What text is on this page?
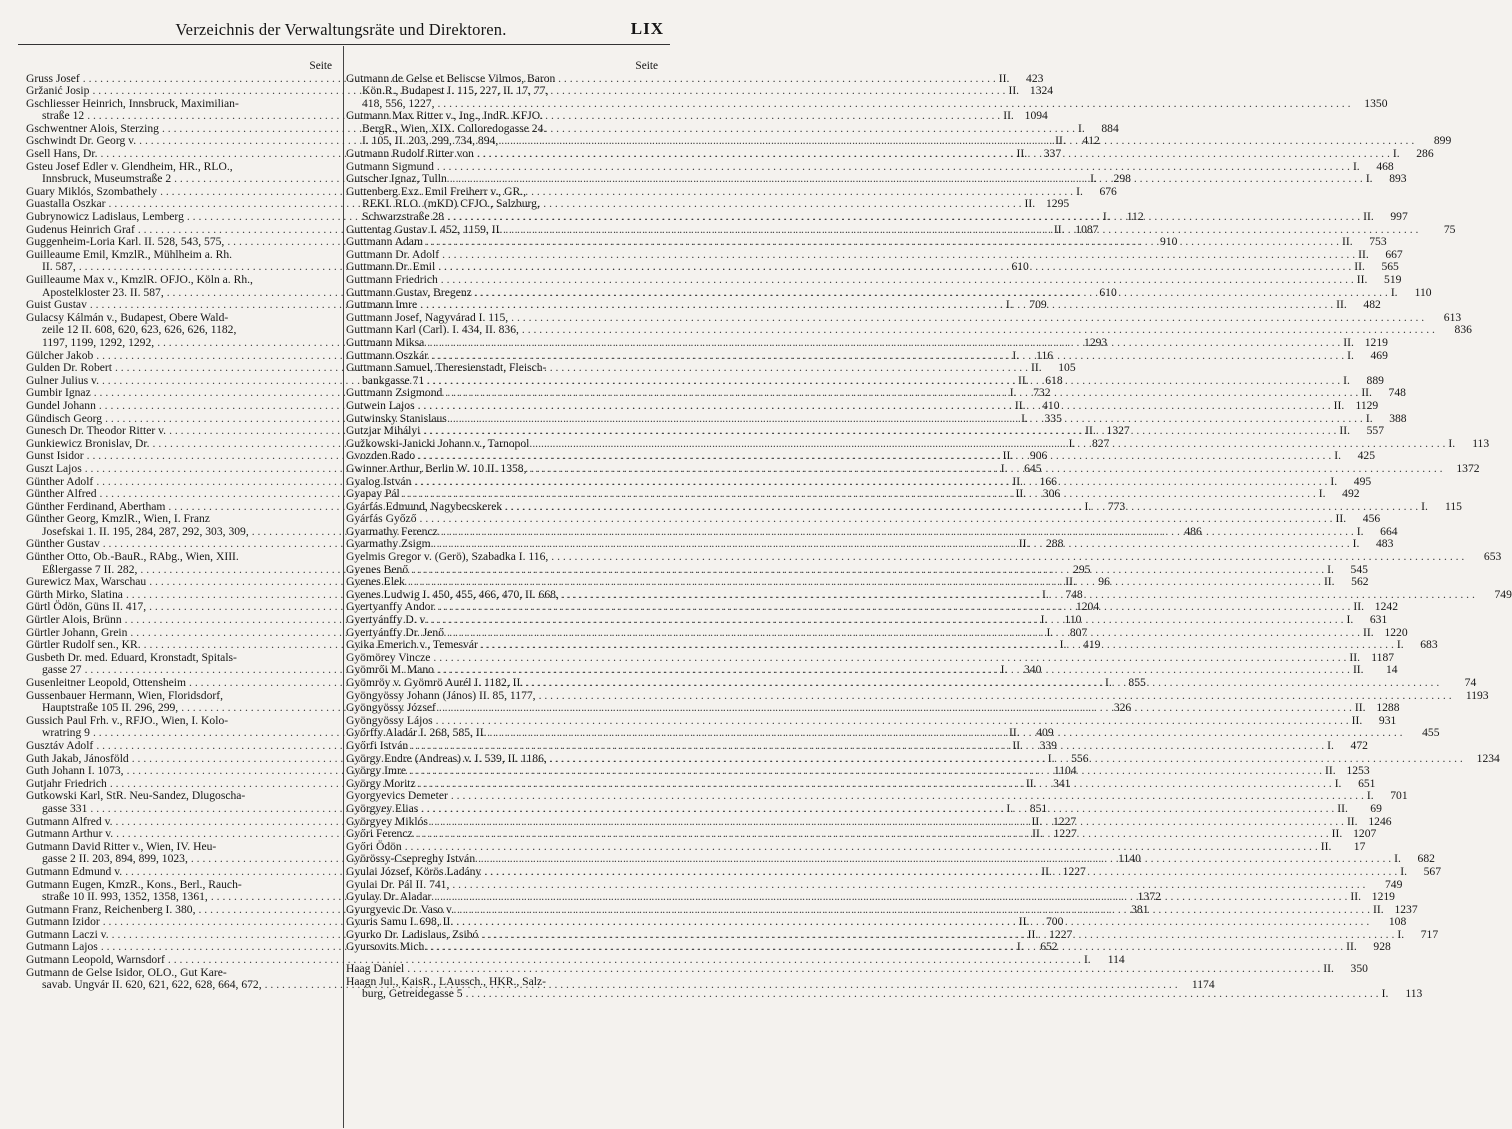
Verzeichnis der Verwaltungsräte und Direktoren.	LIX
Seite
Gruss Josef . . .	II.	423
Gržanić Josip . . .	II. 1324
Gschliesser Heinrich, Innsbruck, Maximilian-
straße 12 . . .	II. 1094
Gschwentner Alois, Sterzing . . .	I.	884
Gschwindt Dr. Georg v. . . .	II.	412
Gsell Hans, Dr. . . .	II.	337
Gsteu Josef Edler v. Glendheim, HR., RLO.,
Innsbruck, Museumstraße 2 . . .	I.	298
Guary Miklós, Szombathely . . .	I.	676
Guastalla Oszkar . . .	II. 1295
Gubrynowicz Ladislaus, Lemberg . . .	I.	112
Gudenus Heinrich Graf . . .	II. 1087
Guggenheim-Loria Karl. II. 528, 543, 575, . . .	910
Guilleaume Emil, KmzlR., Mühlheim a. Rh.
II. 587, . . .	610
Guilleaume Max v., KmzlR. OFJO., Köln a. Rh.,
Apostelkloster 23. II. 587, . . .	610
Guist Gustav . . .	I.	709
Gulacsy Kálmán v., Budapest, Obere Wald-
zeile 12 II. 608, 620, 623, 626, 626, 1182,
1197, 1199, 1292, 1292, . . .	1293
Gülcher Jakob . . .	I.	116
Gulden Dr. Robert . . .	II.	105
Gulner Julius v. . . .	II.	618
Gumbir Ignaz . . .	I.	732
Gundel Johann . . .	II.	410
Gündisch Georg . . .	I.	335
Gunesch Dr. Theodor Ritter v. . . .	II. 1327
Gunkiewicz Bronislav, Dr. . . .	I.	827
Gunst Isidor . . .	II.	906
Guszt Lajos . . .	I.	645
Günther Adolf . . .	II.	166
Günther Alfred . . .	II.	306
Günther Ferdinand, Abertham . . .	I.	773
Günther Georg, KmzlR., Wien, I. Franz
Josefskai 1. II. 195, 284, 287, 292, 303, 309, . . .	486
Günther Gustav . . .	II.	288
Günther Otto, Ob.-BauR., RAbg., Wien, XIII.
Eßlergasse 7 II. 282, . . .	295
Gurewicz Max, Warschau . . .	II.	96
Gürth Mirko, Slatina . . .	I.	748
Gürtl Ödön, Güns II. 417, . . .	1204
Gürtler Alois, Brünn . . .	I.	110
Gürtler Johann, Grein . . .	I.	807
Gürtler Rudolf sen., KR. . . .	I.	419
Gusbeth Dr. med. Eduard, Kronstadt, Spitals-
gasse 27 . . .	I.	340
Gusenleitner Leopold, Ottensheim . . .	I.	855
Gussenbauer Hermann, Wien, Floridsdorf,
Hauptstraße 105 II. 296, 299, . . .	326
Gussich Paul Frh. v., RFJO., Wien, I. Kolo-
wratring 9 . . .	II.	409
Gusztáv Adolf . . .	II.	339
Guth Jakab, Jánosföld . . .	I.	556
Guth Johann I. 1073, . . .	1104
Gutjahr Friedrich . . .	II.	341
Gutkowski Karl, StR. Neu-Sandez, Dlugoscha-
gasse 331 . . .	I.	851
Gutmann Alfred v. . . .	II. 1227
Gutmann Arthur v. . . .	II. 1227
Gutmann David Ritter v., Wien, IV. Heu-
gasse 2 II. 203, 894, 899, 1023, . . .	1140
Gutmann Edmund v. . . .	II. 1227
Gutmann Eugen, KmzR., Kons., Berl., Rauch-
straße 10 II. 993, 1352, 1358, 1361, . . .	1372
Gutmann Franz, Reichenberg I. 380, . . .	381
Gutmann Izidor . . .	II.	700
Gutmann Laczi v. . . .	II. 1227
Gutmann Lajos . . .	I.	652
Gutmann Leopold, Warnsdorf . . .	I.	114
Gutmann de Gelse Isidor, OLO., Gut Kare-
savab. Ungvár II. 620, 621, 622, 628, 664, 672, . . .	1174
Seite
Gutmann de Gelse et Beliscse Vilmos, Baron
Kön.R., Budapest I. 115, 227, II. 17, 77,
418, 556, 1227, . . .	1350
Gutmann Max Ritter v., Ing., IndR. KFJO.
BergR., Wien, XIX. Colloredogasse 24.
I. 105, II. 203, 299, 734, 894, . . .	899
Gutmann Rudolf Ritter von . . .	I.	286
Gutmann Sigmund . . .	I.	468
Gutscher Ignaz, Tulln . . .	I.	893
Guttenberg Exz. Emil Freiherr v., GR.,
REKI. RLO. (mKD) CFJO., Salzburg,
Schwarzstraße 28 . . .	II.	997
Guttentag Gustav I. 452, 1159, II. . . .	75
Guttmann Adam . . .	II.	753
Guttmann Dr. Adolf . . .	II.	667
Guttmann Dr. Emil . . .	II.	565
Guttmann Friedrich . . .	II.	519
Guttmann Gustav, Bregenz . . .	I.	110
Guttmann Imre . . .	II.	482
Guttmann Josef, Nagyvárad I. 115, . . .	613
Guttmann Karl (Carl). I. 434, II. 836, . . .	836
Guttmann Miksa . . .	II. 1219
Guttmann Oszkár . . .	I.	469
Guttmann Samuel, Theresienstadt, Fleisch-
bankgasse 71 . . .	I.	889
Guttmann Zsigmond . . .	II.	748
Gutwein Lajos . . .	II. 1129
Gutwinsky Stanislaus . . .	I.	388
Gutzjar Mihályi . . .	II.	557
Gužkowski-Janicki Johann v., Tarnopol . . .	I.	113
Gvozden Rado . . .	I.	425
Gwinner Arthur, Berlin W. 10 II. 1358, . . .	1372
Gyalog István . . .	I.	495
Gyapay Pál . . .	I.	492
Gyárfás Edmund, Nagybecskerek . . .	I.	115
Gyárfás Győző . . .	II.	456
Gyarmathy Ferencz . . .	I.	664
Gyarmathy Zsigm. . . .	I.	483
Gyelmis Gregor v. (Gerö), Szabadka I. 116, . . .	653
Gyenes Benő . . .	I.	545
Gyenes Elek . . .	II.	562
Gyenes Ludwig I. 450, 455, 466, 470, II. 668, . . .	749
Gyertyanffy Andor . . .	II. 1242
Gyertyánffy D. v. . . .	I.	631
Gyertyánffy Dr. Jenő . . .	II. 1220
Gyika Emerich v., Temesvár . . .	I.	683
Gyömörey Vincze . . .	II. 1187
Gyömrői M. Mano . . .	II.	14
Gyömröy v. Gyömrö Aurél I. 1182, II. . . .	74
Gyöngyössy Johann (János) II. 85, 1177, . . .	1193
Gyöngyössy József . . .	II. 1288
Gyöngyössy Lájos . . .	II.	931
Győrffy Aladár I. 268, 585, II. . . .	455
Győrfi István . . .	I.	472
György Endre (Andreas) v. I. 539, II. 1186, . . .	1234
György Imre . . .	II. 1253
György Moritz . . .	I.	651
Gyorgyevics Demeter . . .	I.	701
Györgyey Elias . . .	II.	69
Györgyey Miklós . . .	II. 1246
Győri Ferencz . . .	II. 1207
Győri Ödön . . .	II.	17
Györössy-Csepreghy István . . .	I.	682
Gyulai József, Körös Ladány . . .	I.	567
Gyulai Dr. Pál II. 741, . . .	749
Gyulay Dr. Aladar . . .	II. 1219
Gyurgyevic Dr. Vaso v. . . .	II. 1237
Gyuris Samu I. 698, II. . . .	108
Gyurko Dr. Ladislaus, Zsibó . . .	I.	717
Gyursovits Mich. . . .	II.	928
Haag Daniel . . .	II.	350
Haagn Jul., KaisR., LAussch., HKR., Salz-
burg, Getreidegasse 5 . . .	I.	113
